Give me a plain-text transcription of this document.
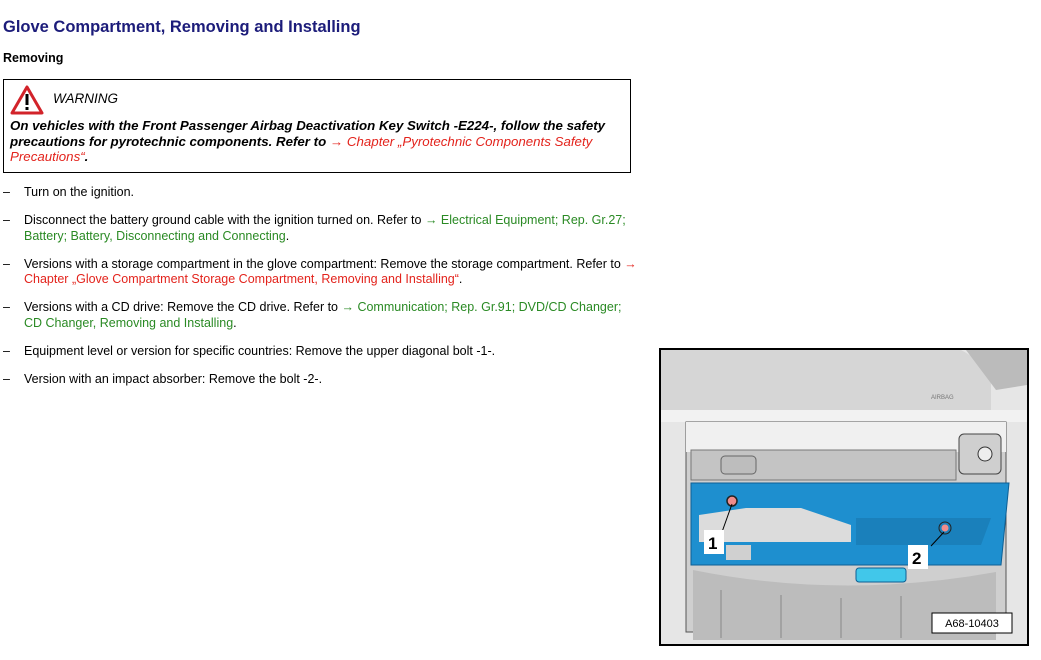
Glove Compartment, Removing and Installing
Removing
WARNING
On vehicles with the Front Passenger Airbag Deactivation Key Switch -E224-, follow the safety precautions for pyrotechnic components. Refer to → Chapter „Pyrotechnic Components Safety Precautions“.
– Turn on the ignition.
– Disconnect the battery ground cable with the ignition turned on. Refer to → Electrical Equipment; Rep. Gr.27; Battery; Battery, Disconnecting and Connecting.
– Versions with a storage compartment in the glove compartment: Remove the storage compartment. Refer to → Chapter „Glove Compartment Storage Compartment, Removing and Installing“.
– Versions with a CD drive: Remove the CD drive. Refer to → Communication; Rep. Gr.91; DVD/CD Changer; CD Changer, Removing and Installing.
– Equipment level or version for specific countries: Remove the upper diagonal bolt -1-.
– Version with an impact absorber: Remove the bolt -2-.
AIRBAG
1
2
A68-10403
